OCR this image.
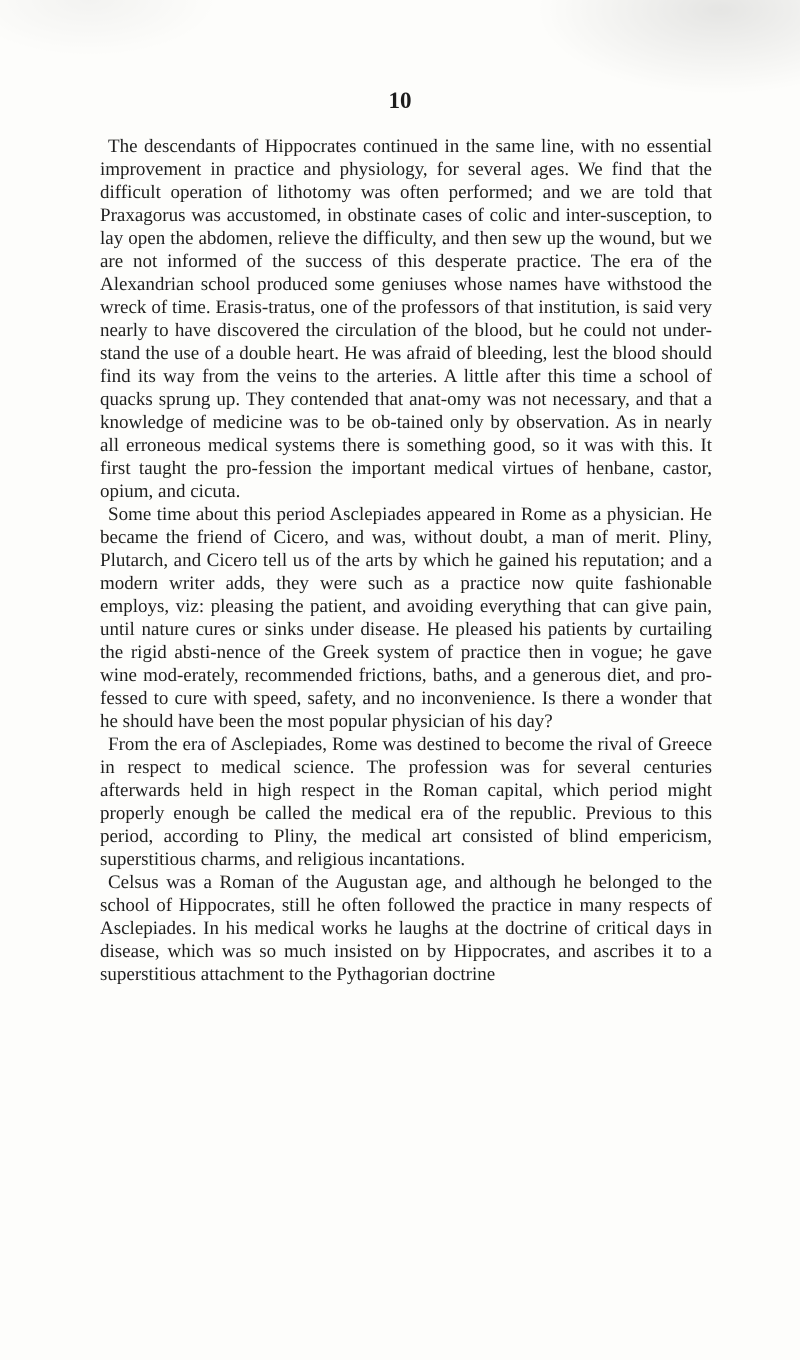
10

The descendants of Hippocrates continued in the same line, with no essential improvement in practice and physiology, for several ages. We find that the difficult operation of lithotomy was often performed; and we are told that Praxagorus was accustomed, in obstinate cases of colic and inter-susception, to lay open the abdomen, relieve the difficulty, and then sew up the wound, but we are not informed of the success of this desperate practice. The era of the Alexandrian school produced some geniuses whose names have withstood the wreck of time. Erasis-tratus, one of the professors of that institution, is said very nearly to have discovered the circulation of the blood, but he could not under-stand the use of a double heart. He was afraid of bleeding, lest the blood should find its way from the veins to the arteries. A little after this time a school of quacks sprung up. They contended that anat-omy was not necessary, and that a knowledge of medicine was to be ob-tained only by observation. As in nearly all erroneous medical systems there is something good, so it was with this. It first taught the pro-fession the important medical virtues of henbane, castor, opium, and cicuta.

Some time about this period Asclepiades appeared in Rome as a physician. He became the friend of Cicero, and was, without doubt, a man of merit. Pliny, Plutarch, and Cicero tell us of the arts by which he gained his reputation; and a modern writer adds, they were such as a practice now quite fashionable employs, viz: pleasing the patient, and avoiding everything that can give pain, until nature cures or sinks under disease. He pleased his patients by curtailing the rigid absti-nence of the Greek system of practice then in vogue; he gave wine mod-erately, recommended frictions, baths, and a generous diet, and pro-fessed to cure with speed, safety, and no inconvenience. Is there a wonder that he should have been the most popular physician of his day?

From the era of Asclepiades, Rome was destined to become the rival of Greece in respect to medical science. The profession was for several centuries afterwards held in high respect in the Roman capital, which period might properly enough be called the medical era of the republic. Previous to this period, according to Pliny, the medical art consisted of blind empericism, superstitious charms, and religious incantations.

Celsus was a Roman of the Augustan age, and although he belonged to the school of Hippocrates, still he often followed the practice in many respects of Asclepiades. In his medical works he laughs at the doctrine of critical days in disease, which was so much insisted on by Hippocrates, and ascribes it to a superstitious attachment to the Pythagorian doctrine
